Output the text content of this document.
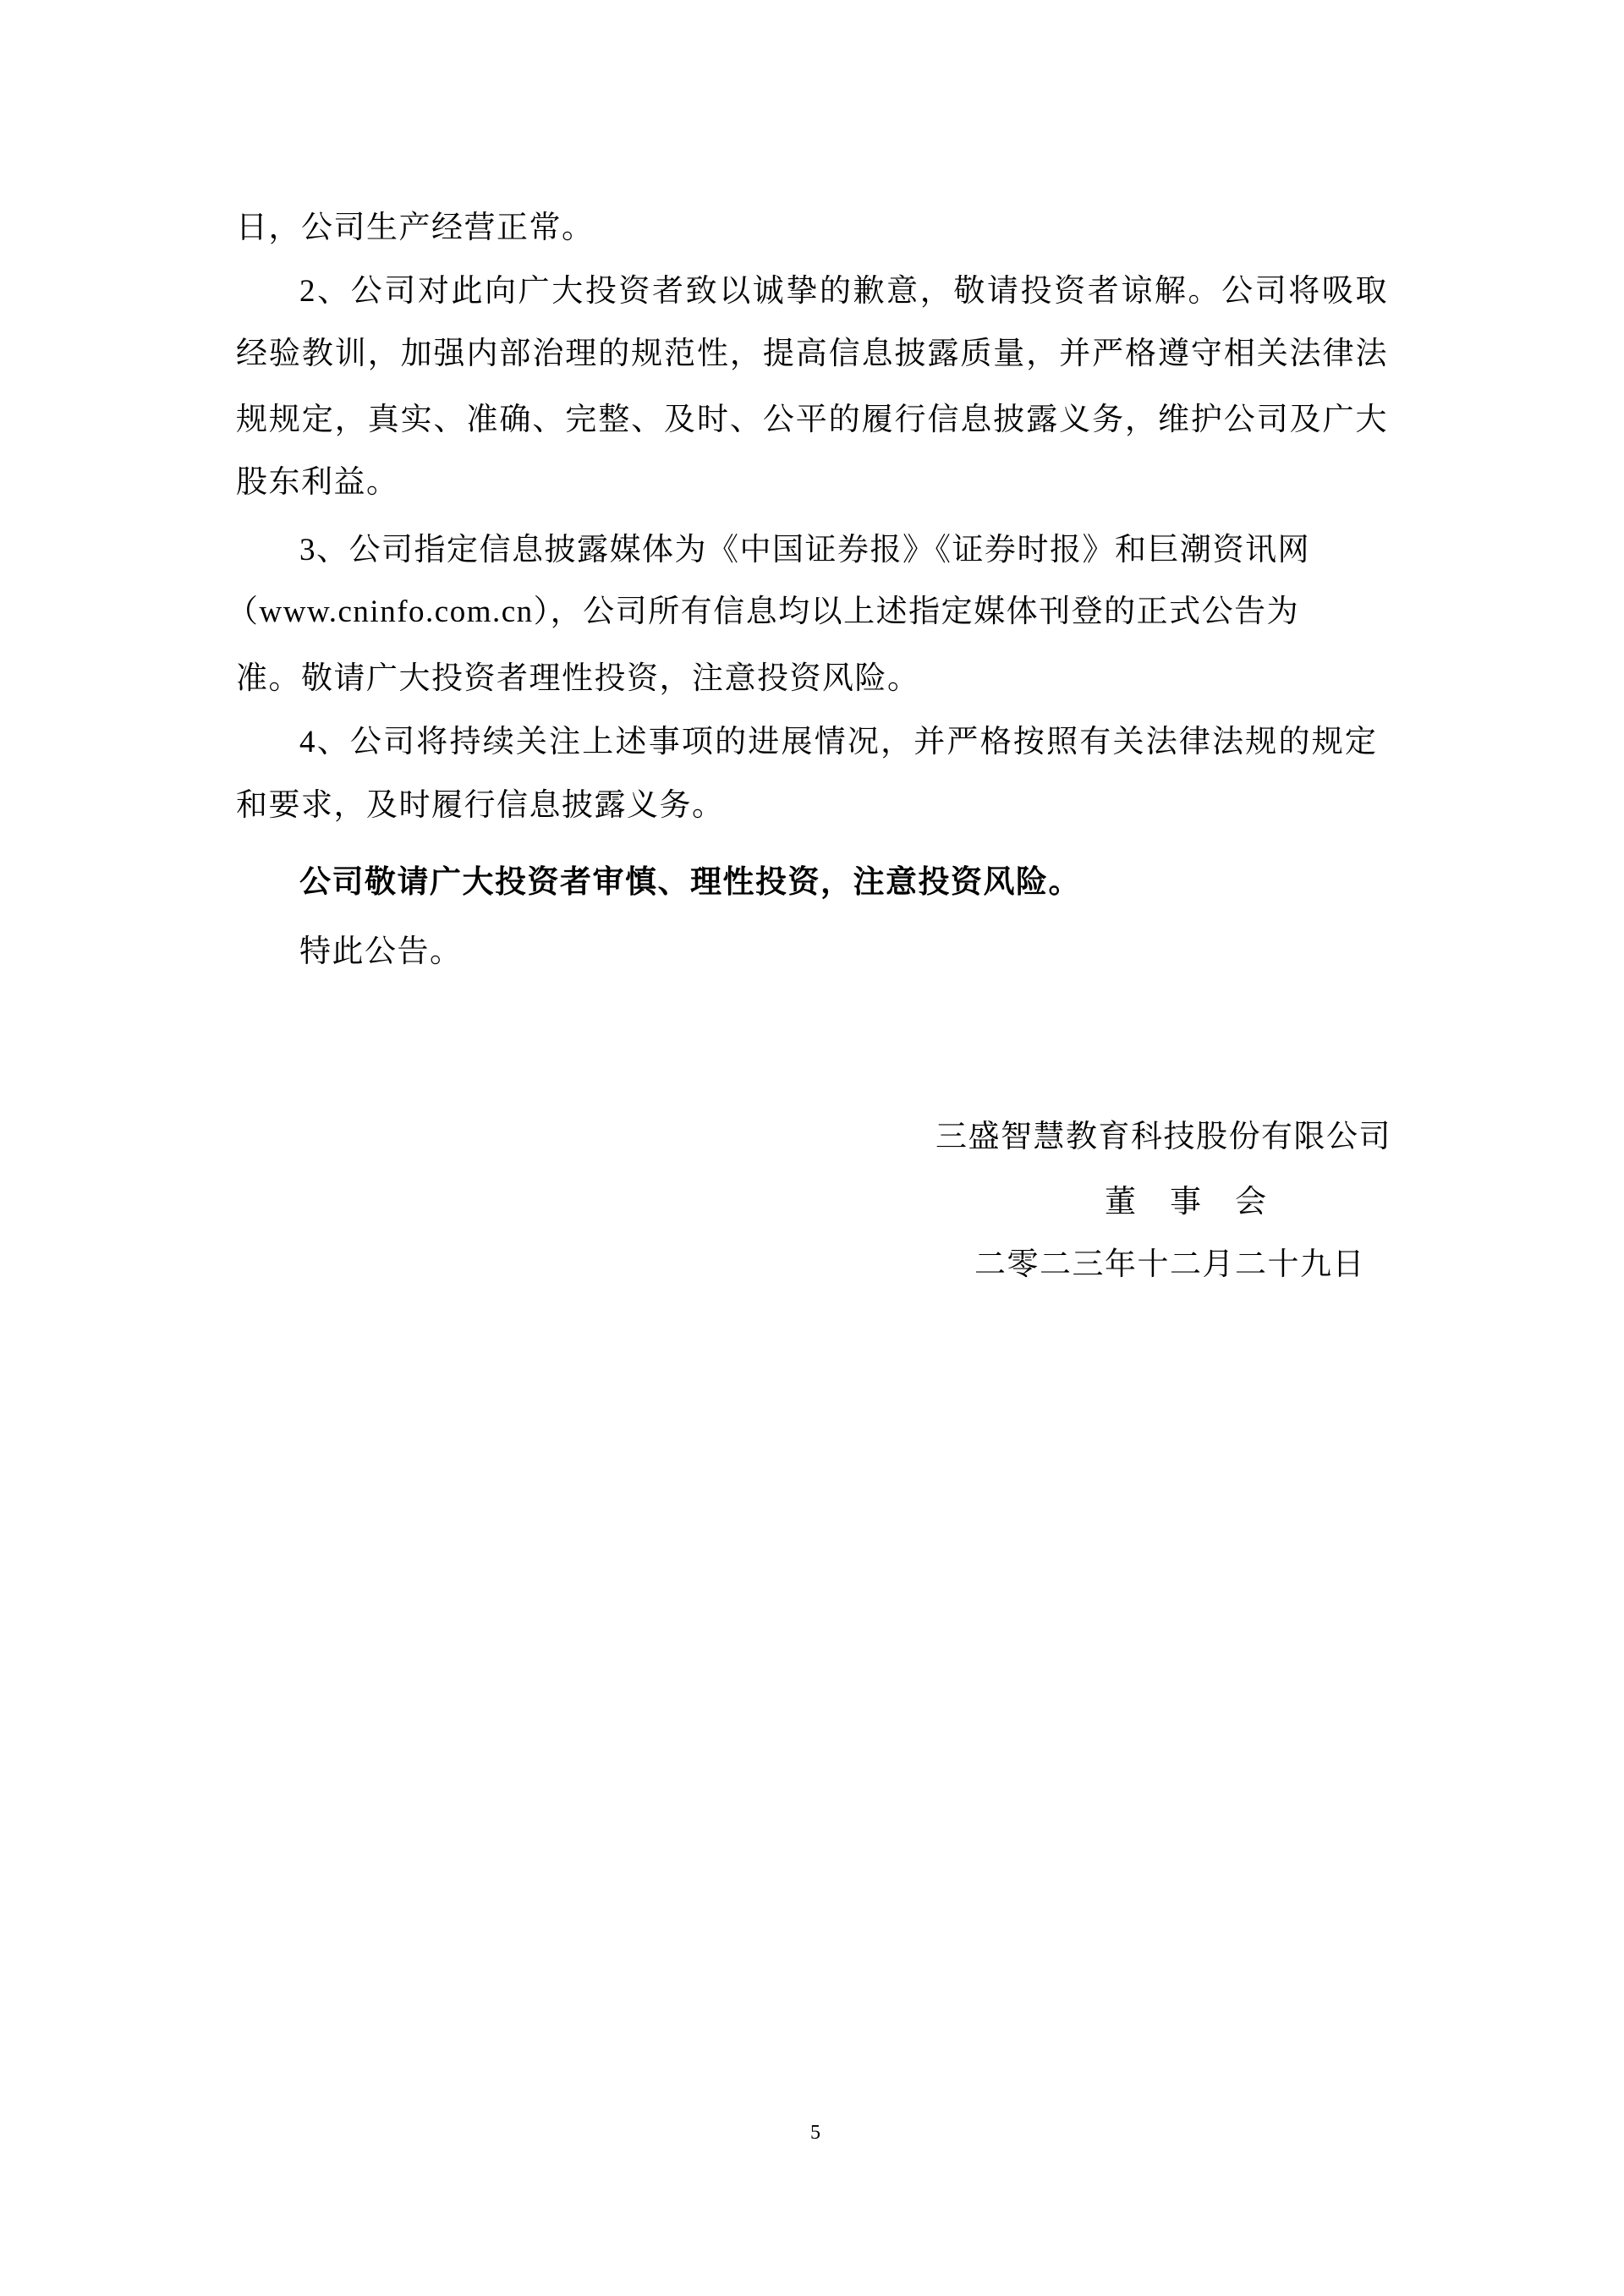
日，公司生产经营正常。
2、公司对此向广大投资者致以诚挚的歉意，敬请投资者谅解。公司将吸取
经验教训，加强内部治理的规范性，提高信息披露质量，并严格遵守相关法律法
规规定，真实、准确、完整、及时、公平的履行信息披露义务，维护公司及广大
股东利益。
3、公司指定信息披露媒体为《中国证券报》《证券时报》和巨潮资讯网
（www.cninfo.com.cn），公司所有信息均以上述指定媒体刊登的正式公告为
准。敬请广大投资者理性投资，注意投资风险。
4、公司将持续关注上述事项的进展情况，并严格按照有关法律法规的规定
和要求，及时履行信息披露义务。
公司敬请广大投资者审慎、理性投资，注意投资风险。
特此公告。
三盛智慧教育科技股份有限公司
董　事　会
二零二三年十二月二十九日
5
